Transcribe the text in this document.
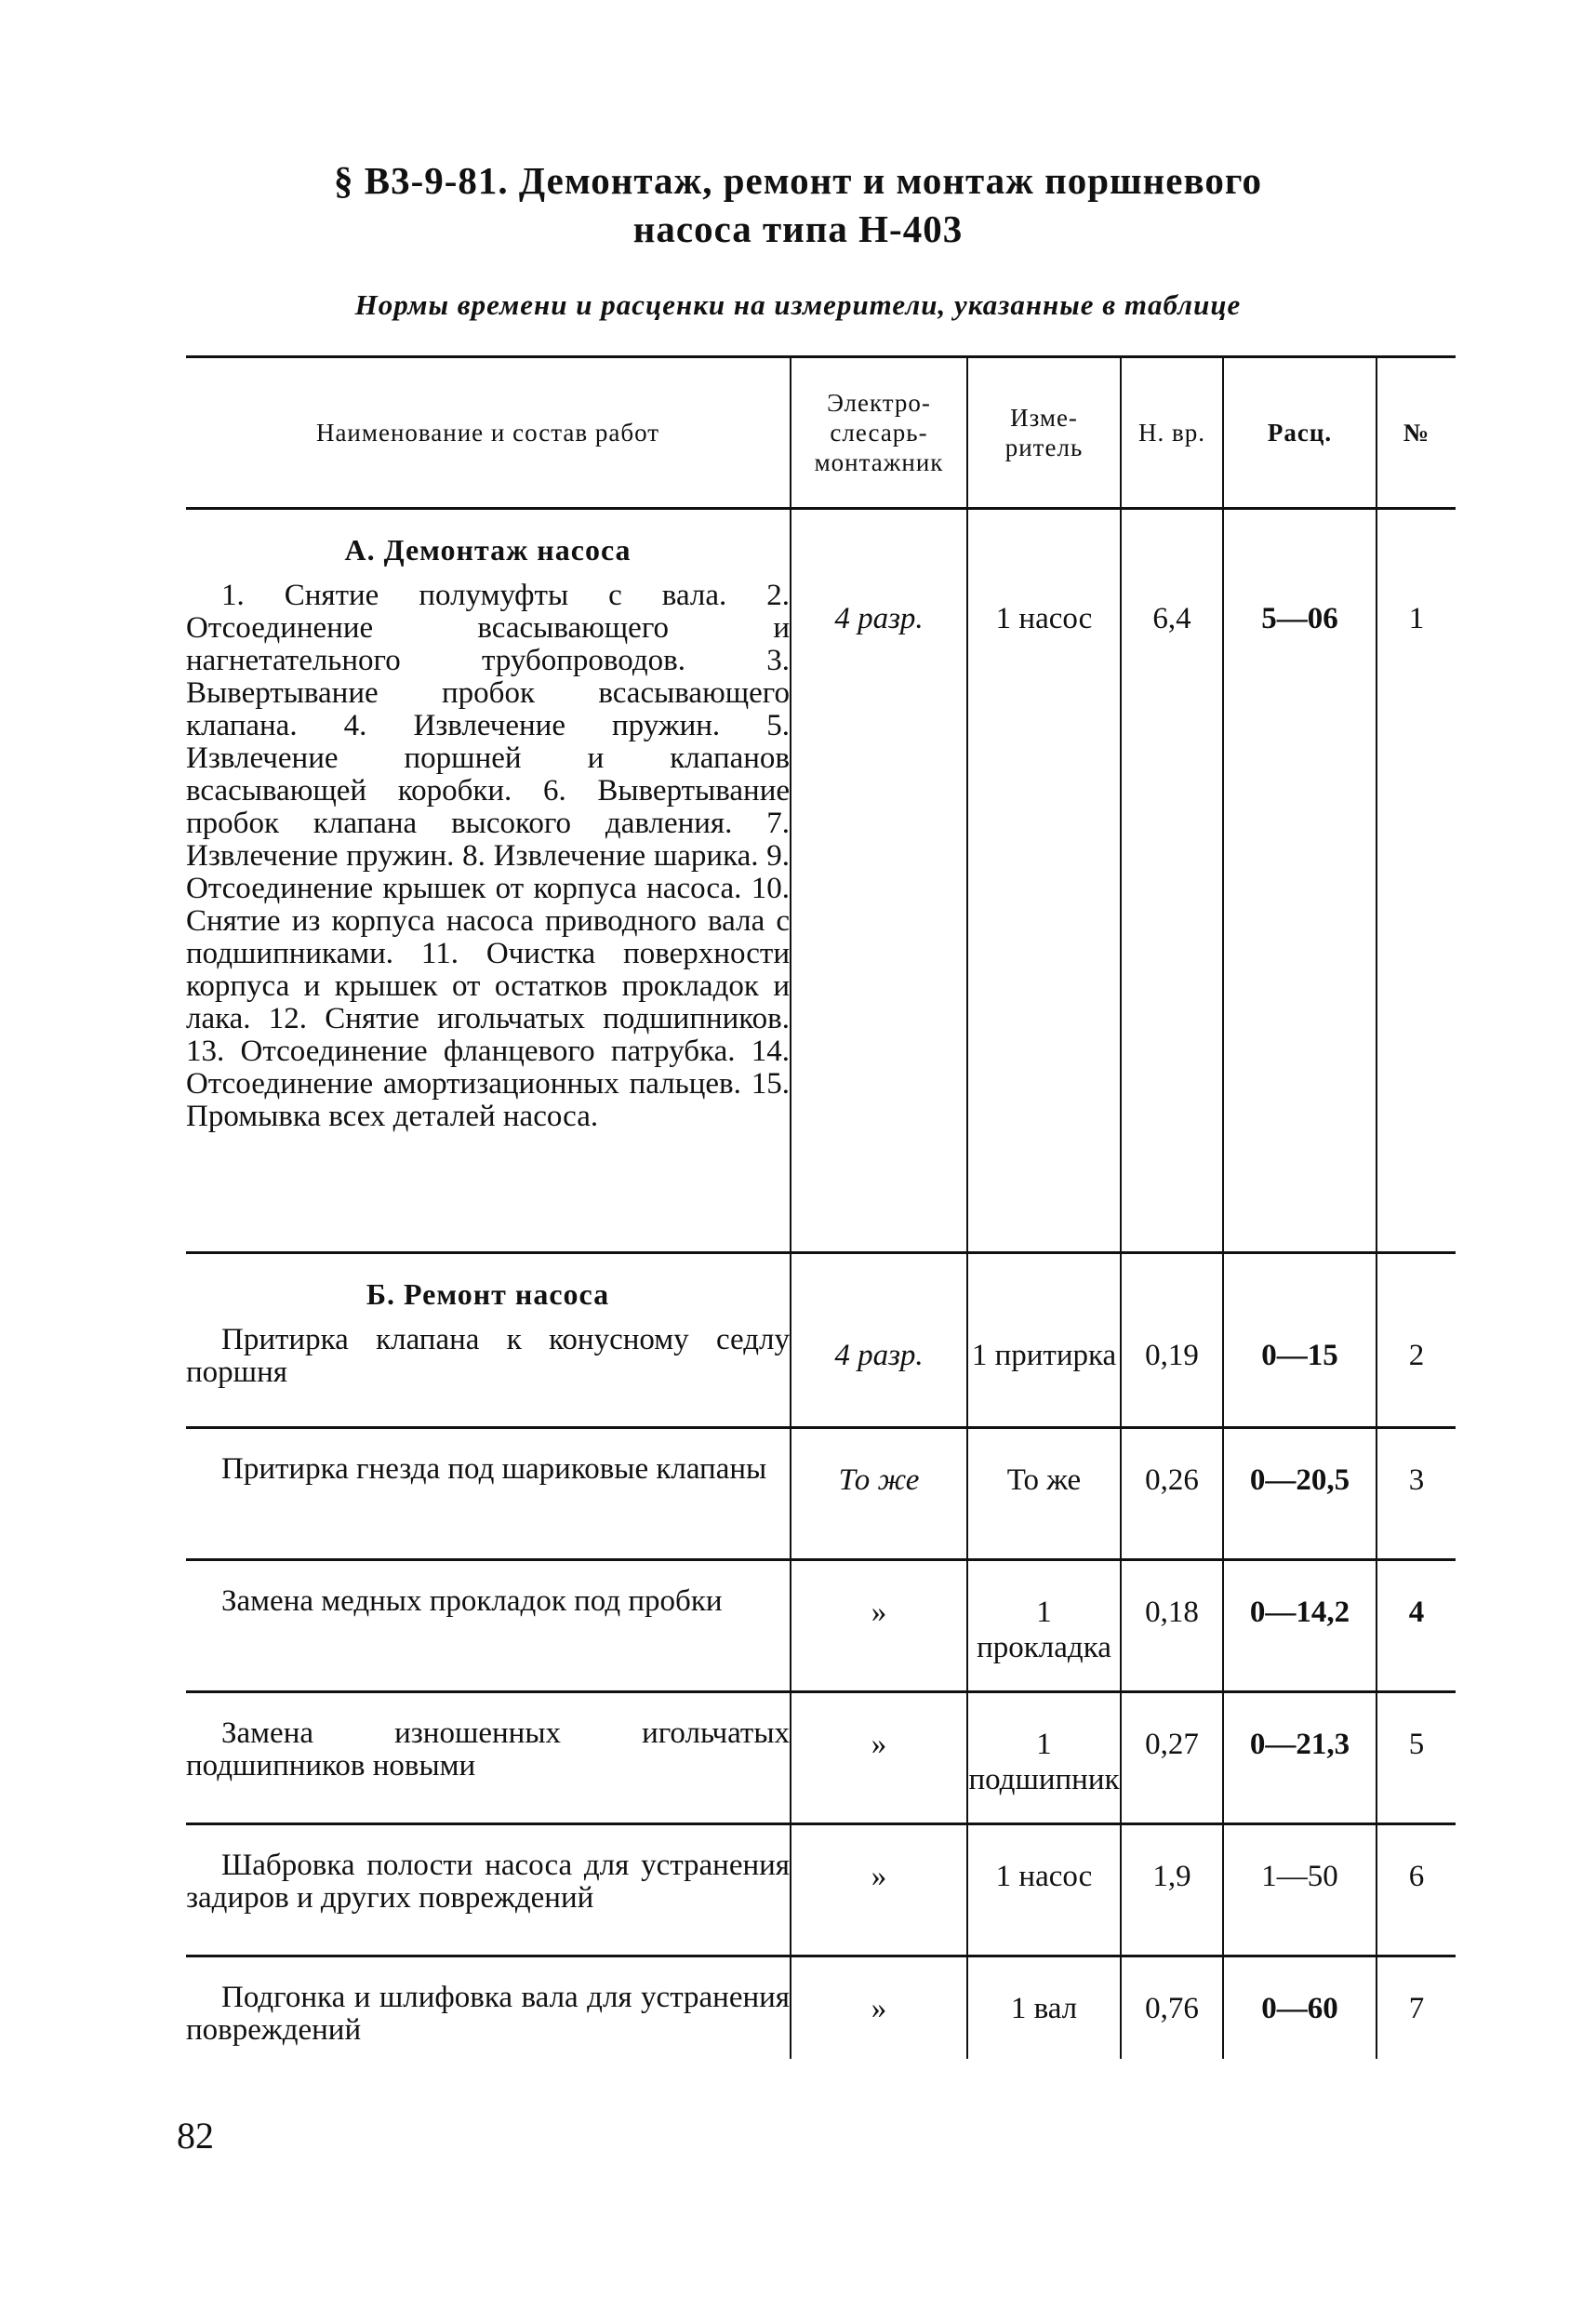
§ В3-9-81. Демонтаж, ремонт и монтаж поршневого
насоса типа Н-403
Нормы времени и расценки на измерители, указанные в таблице
Наименование и состав работ	Электро-
слесарь-
монтажник	Изме-
ритель	Н. вр.	Расц.	№

А. Демонтаж насоса
1. Снятие полумуфты с вала. 2. Отсоединение всасывающего и нагнетательного трубопроводов. 3. Вывертывание пробок всасывающего клапана. 4. Извлечение пружин. 5. Извлечение поршней и клапанов всасывающей коробки. 6. Вывертывание пробок клапана высокого давления. 7. Извлечение пружин. 8. Извлечение шарика. 9. Отсоединение крышек от корпуса насоса. 10. Снятие из корпуса насоса приводного вала с подшипниками. 11. Очистка поверхности корпуса и крышек от остатков прокладок и лака. 12. Снятие игольчатых подшипников. 13. Отсоединение фланцевого патрубка. 14. Отсоединение амортизационных пальцев. 15. Промывка всех деталей насоса.	4 разр.	1 насос	6,4	5—06	1

Б. Ремонт насоса
Притирка клапана к конусному седлу поршня	4 разр.	1 притирка	0,19	0—15	2

Притирка гнезда под шариковые клапаны	То же	То же	0,26	0—20,5	3

Замена медных прокладок под пробки	»	1 прокладка	0,18	0—14,2	4

Замена изношенных игольчатых подшипников новыми	»	1 подшипник	0,27	0—21,3	5

Шабровка полости насоса для устранения задиров и других повреждений	»	1 насос	1,9	1—50	6

Подгонка и шлифовка вала для устранения повреждений	»	1 вал	0,76	0—60	7
82
